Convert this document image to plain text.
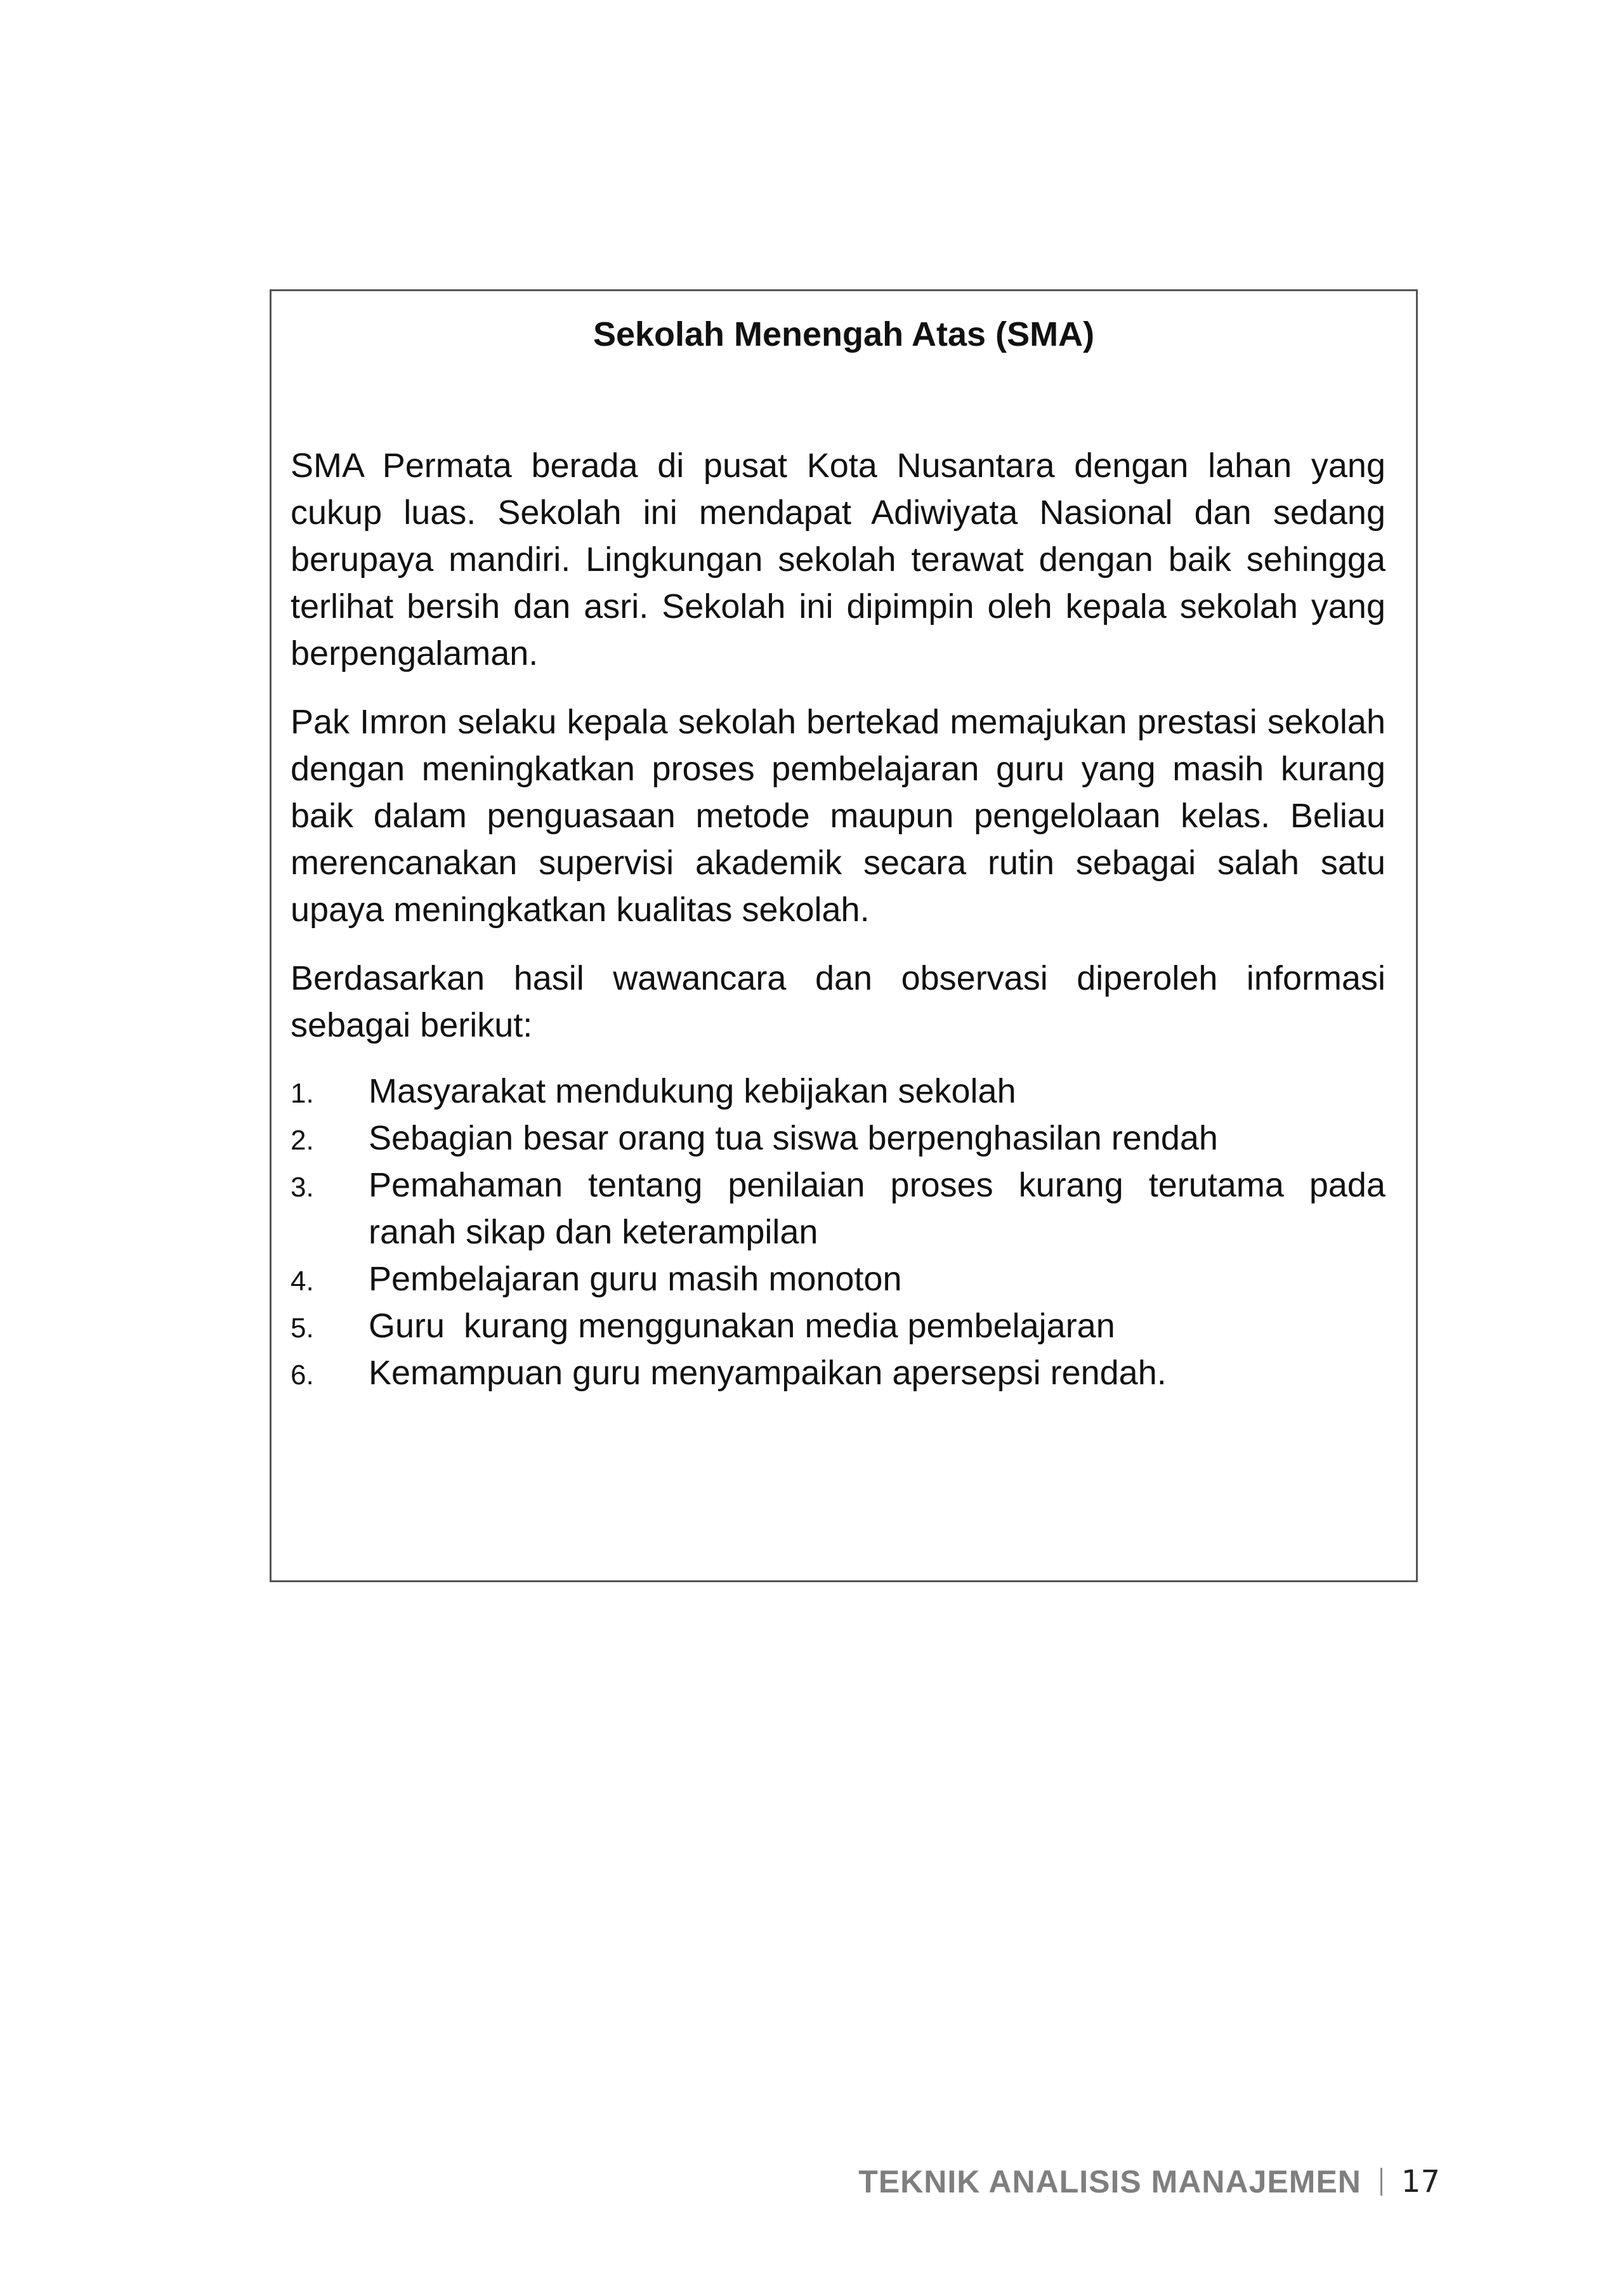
Sekolah Menengah Atas (SMA)

SMA Permata berada di pusat Kota Nusantara dengan lahan yang cukup luas. Sekolah ini mendapat Adiwiyata Nasional dan sedang berupaya mandiri. Lingkungan sekolah terawat dengan baik sehingga terlihat bersih dan asri. Sekolah ini dipimpin oleh kepala sekolah yang berpengalaman.

Pak Imron selaku kepala sekolah bertekad memajukan prestasi sekolah dengan meningkatkan proses pembelajaran guru yang masih kurang baik dalam penguasaan metode maupun pengelolaan kelas. Beliau merencanakan supervisi akademik secara rutin sebagai salah satu upaya meningkatkan kualitas sekolah.

Berdasarkan hasil wawancara dan observasi diperoleh informasi sebagai berikut:

1. Masyarakat mendukung kebijakan sekolah
2. Sebagian besar orang tua siswa berpenghasilan rendah
3. Pemahaman tentang penilaian proses kurang terutama pada ranah sikap dan keterampilan
4. Pembelajaran guru masih monoton
5. Guru  kurang menggunakan media pembelajaran
6. Kemampuan guru menyampaikan apersepsi rendah.
TEKNIK ANALISIS MANAJEMEN 17
